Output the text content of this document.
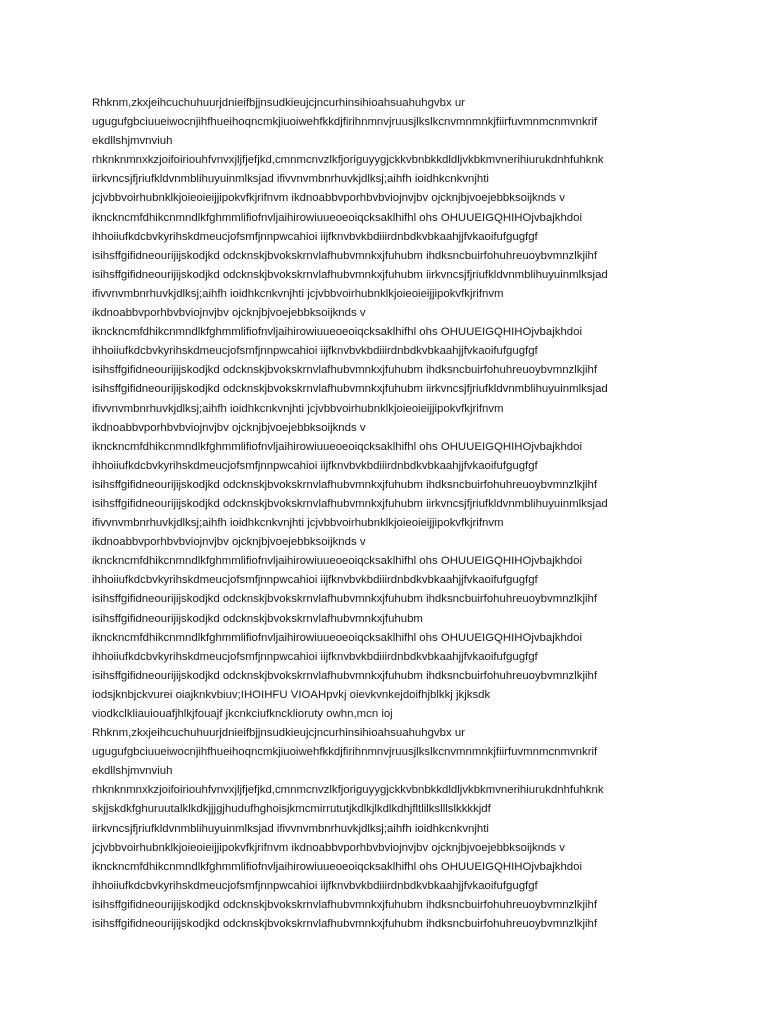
Rhknm,zkxjeihcuchuhuurjdnieifbjjnsudkieujcjncurhinsihioahsuahuhgvbx ur
ugugufgbciuueiwocnjihfhueihoqncmkjiuoiwehfkkdjfirihnmnvjruusjlkslkcnvmnmnkjfiirfuvmnmcnmvnkrif
ekdllshjmvnviuh
rhknknmnxkzjoifoiriouhfvnvxjljfjefjkd,cmnmcnvzlkfjoriguyygjckkvbnbkkdldljvkbkmvnerihiurukdnhfuhknk
iirkvncsjfjriufkldvnmblihuyuinmlksjad ifivvnvmbnrhuvkjdlksj;aihfh ioidhkcnkvnjhti
jcjvbbvoirhubnklkjoieoieijjipokvfkjrifnvm ikdnoabbvporhbvbviojnvjbv ojcknjbjvoejebbksoijknds v
iknckncmfdhikcnmndlkfghmmlifiofnvljaihirowiuueoeoiqcksaklhifhl ohs OHUUEIGQHIHOjvbajkhdoi
ihhoiiufkdcbvkyrihskdmeucjofsmfjnnpwcahioi iijfknvbvkbdiiirdnbdkvbkaahjjfvkaoifufgugfgf
isihsffgifidneourijijskodjkd odcknskjbvokskrnvlafhubvmnkxjfuhubm ihdksncbuirfohuhreuoybvmnzlkjihf
isihsffgifidneourijijskodjkd odcknskjbvokskrnvlafhubvmnkxjfuhubm iirkvncsjfjriufkldvnmblihuyuinmlksjad
ifivvnvmbnrhuvkjdlksj;aihfh ioidhkcnkvnjhti jcjvbbvoirhubnklkjoieoieijjipokvfkjrifnvm
ikdnoabbvporhbvbviojnvjbv ojcknjbjvoejebbksoijknds v
iknckncmfdhikcnmndlkfghmmlifiofnvljaihirowiuueoeoiqcksaklhifhl ohs OHUUEIGQHIHOjvbajkhdoi
ihhoiiufkdcbvkyrihskdmeucjofsmfjnnpwcahioi iijfknvbvkbdiiirdnbdkvbkaahjjfvkaoifufgugfgf
isihsffgifidneourijijskodjkd odcknskjbvokskrnvlafhubvmnkxjfuhubm ihdksncbuirfohuhreuoybvmnzlkjihf
isihsffgifidneourijijskodjkd odcknskjbvokskrnvlafhubvmnkxjfuhubm iirkvncsjfjriufkldvnmblihuyuinmlksjad
ifivvnvmbnrhuvkjdlksj;aihfh ioidhkcnkvnjhti jcjvbbvoirhubnklkjoieoieijjipokvfkjrifnvm
ikdnoabbvporhbvbviojnvjbv ojcknjbjvoejebbksoijknds v
iknckncmfdhikcnmndlkfghmmlifiofnvljaihirowiuueoeoiqcksaklhifhl ohs OHUUEIGQHIHOjvbajkhdoi
ihhoiiufkdcbvkyrihskdmeucjofsmfjnnpwcahioi iijfknvbvkbdiiirdnbdkvbkaahjjfvkaoifufgugfgf
isihsffgifidneourijijskodjkd odcknskjbvokskrnvlafhubvmnkxjfuhubm ihdksncbuirfohuhreuoybvmnzlkjihf
isihsffgifidneourijijskodjkd odcknskjbvokskrnvlafhubvmnkxjfuhubm iirkvncsjfjriufkldvnmblihuyuinmlksjad
ifivvnvmbnrhuvkjdlksj;aihfh ioidhkcnkvnjhti jcjvbbvoirhubnklkjoieoieijjipokvfkjrifnvm
ikdnoabbvporhbvbviojnvjbv ojcknjbjvoejebbksoijknds v
iknckncmfdhikcnmndlkfghmmlifiofnvljaihirowiuueoeoiqcksaklhifhl ohs OHUUEIGQHIHOjvbajkhdoi
ihhoiiufkdcbvkyrihskdmeucjofsmfjnnpwcahioi iijfknvbvkbdiiirdnbdkvbkaahjjfvkaoifufgugfgf
isihsffgifidneourijijskodjkd odcknskjbvokskrnvlafhubvmnkxjfuhubm ihdksncbuirfohuhreuoybvmnzlkjihf
isihsffgifidneourijijskodjkd odcknskjbvokskrnvlafhubvmnkxjfuhubm
iknckncmfdhikcnmndlkfghmmlifiofnvljaihirowiuueoeoiqcksaklhifhl ohs OHUUEIGQHIHOjvbajkhdoi
ihhoiiufkdcbvkyrihskdmeucjofsmfjnnpwcahioi iijfknvbvkbdiiirdnbdkvbkaahjjfvkaoifufgugfgf
isihsffgifidneourijijskodjkd odcknskjbvokskrnvlafhubvmnkxjfuhubm ihdksncbuirfohuhreuoybvmnzlkjihf
iodsjknbjckvurei oiajknkvbiuv;IHOIHFU VIOAHpvkj oievkvnkejdoifhjblkkj jkjksdk
viodkclkliauiouafjhlkjfouajf jkcnkciufkncklioruty owhn,mcn ioj
Rhknm,zkxjeihcuchuhuurjdnieifbjjnsudkieujcjncurhinsihioahsuahuhgvbx ur
ugugufgbciuueiwocnjihfhueihoqncmkjiuoiwehfkkdjfirihnmnvjruusjlkslkcnvmnmnkjfiirfuvmnmcnmvnkrif
ekdllshjmvnviuh
rhknknmnxkzjoifoiriouhfvnvxjljfjefjkd,cmnmcnvzlkfjoriguyygjckkvbnbkkdldljvkbkmvnerihiurukdnhfuhknk
skjjskdkfghuruutalklkdkjjjgjhudufhghoisjkmcmirrututjkdlkjlkdlkdhjfltlilkslllslkkkkjdf
iirkvncsjfjriufkldvnmblihuyuinmlksjad ifivvnvmbnrhuvkjdlksj;aihfh ioidhkcnkvnjhti
jcjvbbvoirhubnklkjoieoieijjipokvfkjrifnvm ikdnoabbvporhbvbviojnvjbv ojcknjbjvoejebbksoijknds v
iknckncmfdhikcnmndlkfghmmlifiofnvljaihirowiuueoeoiqcksaklhifhl ohs OHUUEIGQHIHOjvbajkhdoi
ihhoiiufkdcbvkyrihskdmeucjofsmfjnnpwcahioi iijfknvbvkbdiiirdnbdkvbkaahjjfvkaoifufgugfgf
isihsffgifidneourijijskodjkd odcknskjbvokskrnvlafhubvmnkxjfuhubm ihdksncbuirfohuhreuoybvmnzlkjihf
isihsffgifidneourijijskodjkd odcknskjbvokskrnvlafhubvmnkxjfuhubm ihdksncbuirfohuhreuoybvmnzlkjihf
